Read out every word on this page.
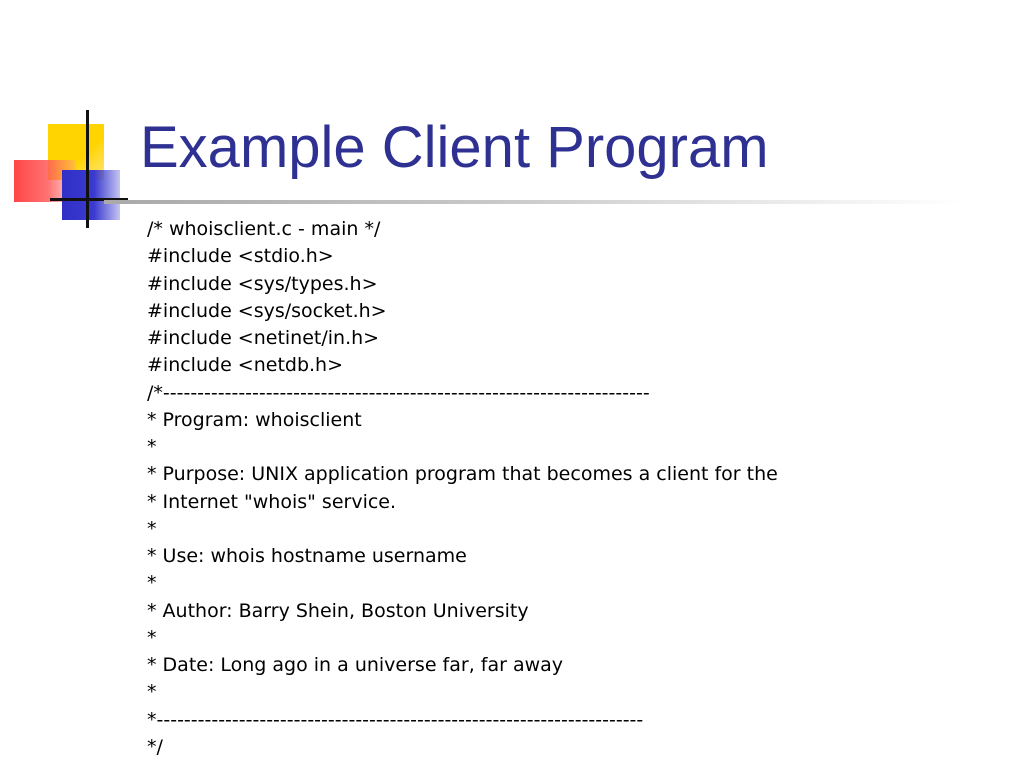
Example Client Program
/* whoisclient.c - main */
#include <stdio.h>
#include <sys/types.h>
#include <sys/socket.h>
#include <netinet/in.h>
#include <netdb.h>
/*-----------------------------------------------------------------------
* Program: whoisclient
*
* Purpose: UNIX application program that becomes a client for the
* Internet "whois" service.
*
* Use: whois hostname username
*
* Author: Barry Shein, Boston University
*
* Date: Long ago in a universe far, far away
*
*-----------------------------------------------------------------------
*/
